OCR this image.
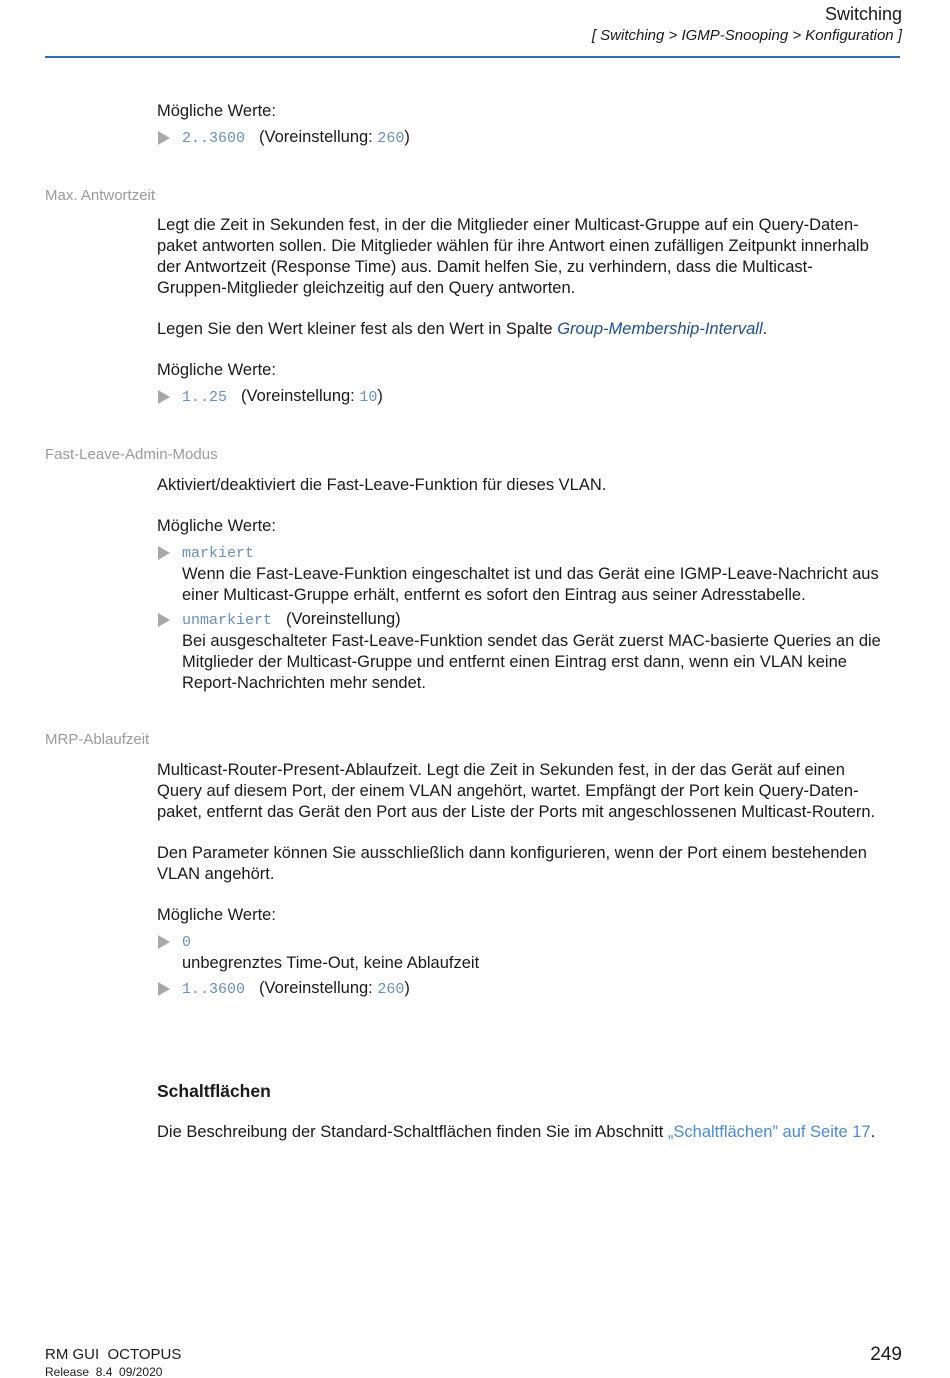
Switching
[ Switching > IGMP-Snooping > Konfiguration ]
Mögliche Werte:
2..3600 (Voreinstellung: 260)
Max. Antwortzeit
Legt die Zeit in Sekunden fest, in der die Mitglieder einer Multicast-Gruppe auf ein Query-Daten-
paket antworten sollen. Die Mitglieder wählen für ihre Antwort einen zufälligen Zeitpunkt innerhalb
der Antwortzeit (Response Time) aus. Damit helfen Sie, zu verhindern, dass die Multicast-
Gruppen-Mitglieder gleichzeitig auf den Query antworten.
Legen Sie den Wert kleiner fest als den Wert in Spalte Group-Membership-Intervall.
Mögliche Werte:
1..25 (Voreinstellung: 10)
Fast-Leave-Admin-Modus
Aktiviert/deaktiviert die Fast-Leave-Funktion für dieses VLAN.
Mögliche Werte:
markiert
Wenn die Fast-Leave-Funktion eingeschaltet ist und das Gerät eine IGMP-Leave-Nachricht aus
einer Multicast-Gruppe erhält, entfernt es sofort den Eintrag aus seiner Adresstabelle.
unmarkiert (Voreinstellung)
Bei ausgeschalteter Fast-Leave-Funktion sendet das Gerät zuerst MAC-basierte Queries an die
Mitglieder der Multicast-Gruppe und entfernt einen Eintrag erst dann, wenn ein VLAN keine
Report-Nachrichten mehr sendet.
MRP-Ablaufzeit
Multicast-Router-Present-Ablaufzeit. Legt die Zeit in Sekunden fest, in der das Gerät auf einen
Query auf diesem Port, der einem VLAN angehört, wartet. Empfängt der Port kein Query-Daten-
paket, entfernt das Gerät den Port aus der Liste der Ports mit angeschlossenen Multicast-Routern.
Den Parameter können Sie ausschließlich dann konfigurieren, wenn der Port einem bestehenden
VLAN angehört.
Mögliche Werte:
0
unbegrenztes Time-Out, keine Ablaufzeit
1..3600 (Voreinstellung: 260)
Schaltflächen
Die Beschreibung der Standard-Schaltflächen finden Sie im Abschnitt „Schaltflächen” auf Seite 17.
RM GUI  OCTOPUS
Release  8.4  09/2020
249
